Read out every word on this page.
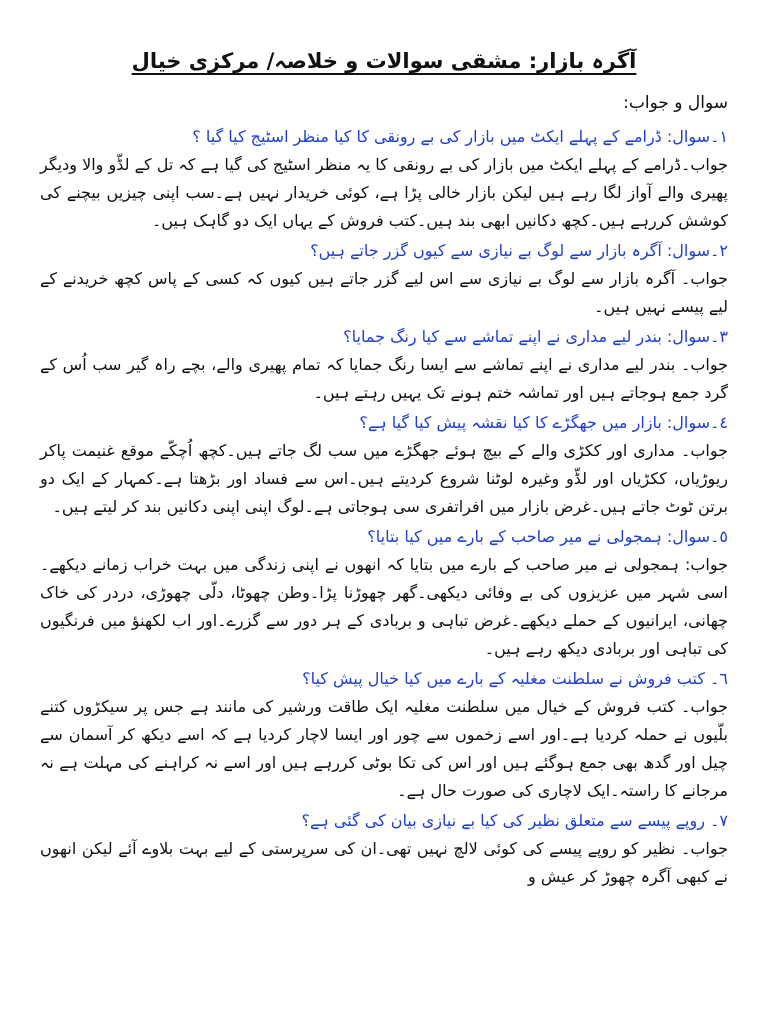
آگرہ بازار: مشقی سوالات و خلاصہ/ مرکزی خیال
سوال و جواب:

١۔سوال: ڈرامے کے پہلے ایکٹ میں بازار کی بے رونقی کا کیا منظر اسٹیج کیا گیا ؟

جواب۔ڈرامے کے پہلے ایکٹ میں بازار کی بے رونقی کا یہ منظر اسٹیج کی گیا ہے کہ تل کے لڈّو والا ودیگر پھیری والے آواز لگا رہے ہیں لیکن بازار خالی پڑا ہے، کوئی خریدار نہیں ہے۔سب اپنی چیزیں بیچنے کی کوشش کررہے ہیں۔کچھ دکانیں ابھی بند ہیں۔کتب فروش کے یہاں ایک دو گاہک ہیں۔

٢۔سوال: آگرہ بازار سے لوگ بے نیازی سے کیوں گزر جاتے ہیں؟

جواب۔ آگرہ بازار سے لوگ بے نیازی سے اس لیے گزر جاتے ہیں کیوں کہ کسی کے پاس کچھ خریدنے کے لیے پیسے نہیں ہیں۔

٣۔سوال: بندر لیے مداری نے اپنے تماشے سے کیا رنگ جمایا؟

جواب۔ بندر لیے مداری نے اپنے تماشے سے ایسا رنگ جمایا کہ تمام پھیری والے، بچے راہ گیر سب اُس کے گرد جمع ہوجاتے ہیں اور تماشہ ختم ہونے تک یہیں رہتے ہیں۔

٤۔سوال: بازار میں جھگڑے کا کیا نقشہ پیش کیا گیا ہے؟

جواب۔ مداری اور ککڑی والے کے بیچ ہوئے جھگڑے میں سب لگ جاتے ہیں۔کچھ اُچکّے موقع غنیمت پاکر ریوڑیاں، ککڑیاں اور لڈّو وغیرہ لوٹنا شروع کردیتے ہیں۔اس سے فساد اور بڑھتا ہے۔کمہار کے ایک دو برتن ٹوٹ جاتے ہیں۔غرض بازار میں افراتفری سی ہوجاتی ہے۔لوگ اپنی اپنی دکانیں بند کر لیتے ہیں۔

٥۔سوال: ہمجولی نے میر صاحب کے بارے میں کیا بتایا؟

جواب: ہمجولی نے میر صاحب کے بارے میں بتایا کہ انھوں نے اپنی زندگی میں بہت خراب زمانے دیکھے۔اسی شہر میں عزیزوں کی بے وفائی دیکھی۔گھر چھوڑنا پڑا۔وطن چھوٹا، دلّی چھوڑی، دردر کی خاک چھانی، ایرانیوں کے حملے دیکھے۔غرض تباہی و بربادی کے ہر دور سے گزرے۔اور اب لکھنؤ میں فرنگیوں کی تباہی اور بربادی دیکھ رہے ہیں۔

٦۔ کتب فروش نے سلطنت مغلیہ کے بارے میں کیا خیال پیش کیا؟

جواب۔ کتب فروش کے خیال میں سلطنت مغلیہ ایک طاقت ورشیر کی مانند ہے جس پر سیکڑوں کتنے بلّیوں نے حملہ کردیا ہے۔اور اسے زخموں سے چور اور ایسا لاچار کردیا ہے کہ اسے دیکھ کر آسمان سے چیل اور گدھ بھی جمع ہوگئے ہیں اور اس کی تکا بوٹی کررہے ہیں اور اسے نہ کراہنے کی مہلت ہے نہ مرجانے کا راستہ۔ایک لاچاری کی صورت حال ہے۔

٧۔ روپے پیسے سے متعلق نظیر کی کیا بے نیازی بیان کی گئی ہے؟

جواب۔ نظیر کو روپے پیسے کی کوئی لالچ نہیں تھی۔ان کی سرپرستی کے لیے بہت بلاوے آئے لیکن انھوں نے کبھی آگرہ چھوڑ کر عیش و
